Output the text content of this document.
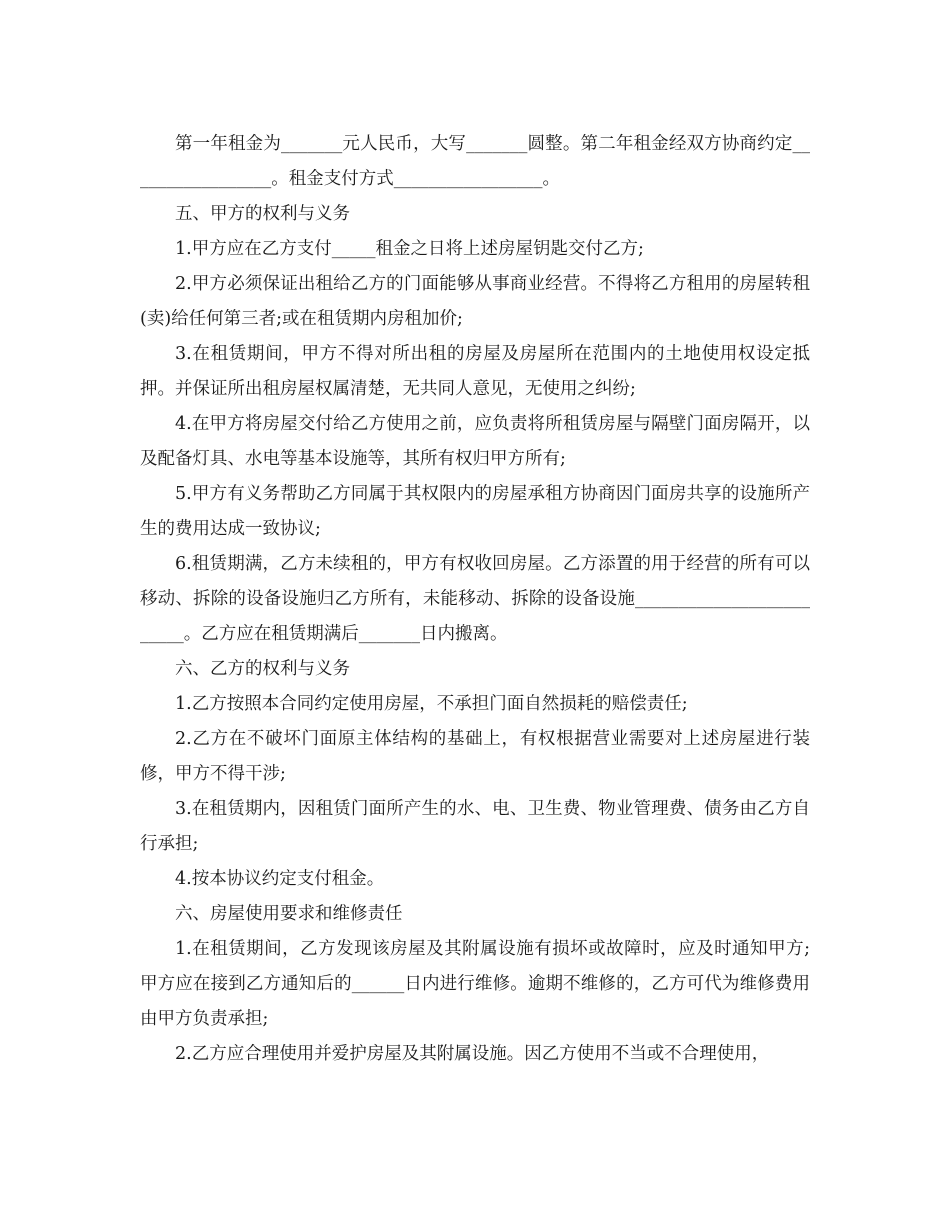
第一年租金为_______元人民币，大写_______圆整。第二年租金经双方协商约定_________________。租金支付方式_________________。

五、甲方的权利与义务

1.甲方应在乙方支付_____租金之日将上述房屋钥匙交付乙方;

2.甲方必须保证出租给乙方的门面能够从事商业经营。不得将乙方租用的房屋转租(卖)给任何第三者;或在租赁期内房租加价;

3.在租赁期间，甲方不得对所出租的房屋及房屋所在范围内的土地使用权设定抵押。并保证所出租房屋权属清楚，无共同人意见，无使用之纠纷;

4.在甲方将房屋交付给乙方使用之前，应负责将所租赁房屋与隔壁门面房隔开，以及配备灯具、水电等基本设施等，其所有权归甲方所有;

5.甲方有义务帮助乙方同属于其权限内的房屋承租方协商因门面房共享的设施所产生的费用达成一致协议;

6.租赁期满，乙方未续租的，甲方有权收回房屋。乙方添置的用于经营的所有可以移动、拆除的设备设施归乙方所有，未能移动、拆除的设备设施_________________________。乙方应在租赁期满后_______日内搬离。

六、乙方的权利与义务

1.乙方按照本合同约定使用房屋，不承担门面自然损耗的赔偿责任;

2.乙方在不破坏门面原主体结构的基础上，有权根据营业需要对上述房屋进行装修，甲方不得干涉;

3.在租赁期内，因租赁门面所产生的水、电、卫生费、物业管理费、债务由乙方自行承担;

4.按本协议约定支付租金。

六、房屋使用要求和维修责任

1.在租赁期间，乙方发现该房屋及其附属设施有损坏或故障时，应及时通知甲方;甲方应在接到乙方通知后的______日内进行维修。逾期不维修的，乙方可代为维修费用由甲方负责承担;

2.乙方应合理使用并爱护房屋及其附属设施。因乙方使用不当或不合理使用，
